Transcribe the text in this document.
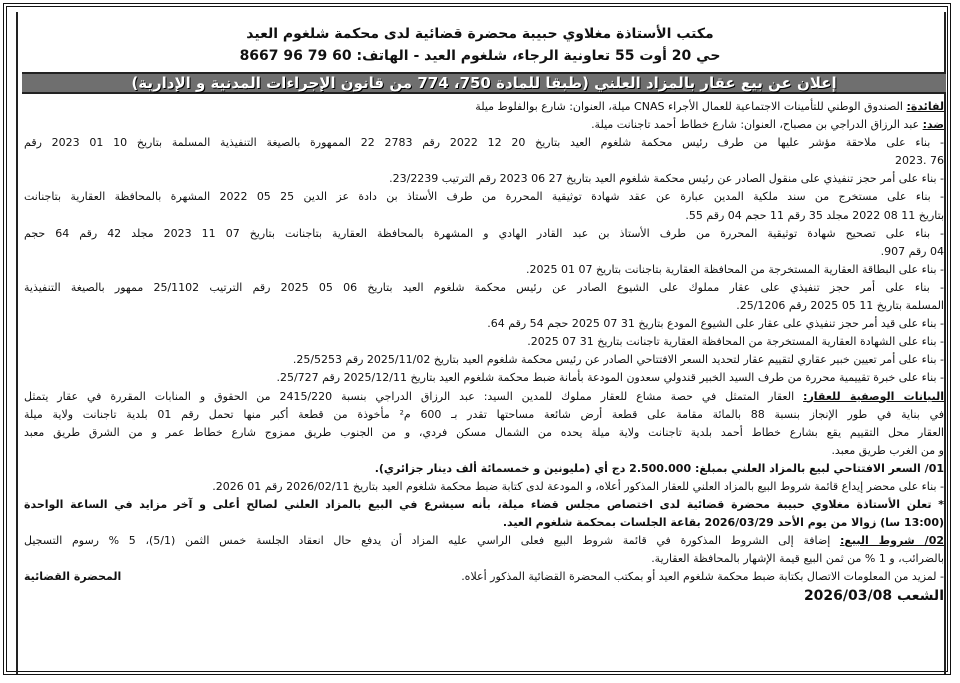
مكتب الأستاذة مغلاوي حبيبة محضرة قضائية لدى محكمة شلغوم العيد
حي 20 أوت 55 تعاونية الرجاء، شلغوم العيد - الهاتف: 60 79 96 8667
إعلان عن بيع عقار بالمزاد العلني (طبقا للمادة 750، 774 من قانون الإجراءات المدنية و الإدارية)
لفائدة: الصندوق الوطني للتأمينات الاجتماعية للعمال الأجراء CNAS ميلة، العنوان: شارع بوالفلوط ميلة
ضد: عبد الرزاق الدراجي بن مصباح، العنوان: شارع خطاط أحمد تاجنانت ميلة.
- بناء على ملاحقة مؤشر عليها من طرف رئيس محكمة شلغوم العيد بتاريخ 20 12 2022 رقم 2783 22 الممهورة بالصيغة التنفيذية المسلمة بتاريخ 10 01 2023 رقم
76 .2023
- بناء على أمر حجز تنفيذي على منقول الصادر عن رئيس محكمة شلغوم العيد بتاريخ 27 06 2023 رقم الترتيب 23/2239.
- بناء على مستخرج من سند ملكية المدين عبارة عن عقد شهادة توثيقية المحررة من طرف الأستاذ بن دادة عز الدين 25 05 2022 المشهرة بالمحافظة العقارية بتاجنانت
بتاريخ 11 08 2022 مجلد 35 رقم 11 حجم 04 رقم 55.
- بناء على تصحيح شهادة توثيقية المحررة من طرف الأستاذ بن عبد القادر الهادي و المشهرة بالمحافظة العقارية بتاجنانت بتاريخ 07 11 2023 مجلد 42 رقم 64 حجم
04 رقم 907.
- بناء على البطاقة العقارية المستخرجة من المحافظة العقارية بتاجنانت بتاريخ 07 01 2025.
- بناء على أمر حجز تنفيذي على عقار مملوك على الشيوع الصادر عن رئيس محكمة شلغوم العيد بتاريخ 06 05 2025 رقم الترتيب 25/1102 ممهور بالصيغة التنفيذية
المسلمة بتاريخ 11 05 2025 رقم 25/1206.
- بناء على قيد أمر حجز تنفيذي على عقار على الشيوع المودع بتاريخ 31 07 2025 حجم 54 رقم 64.
- بناء على الشهادة العقارية المستخرجة من المحافظة العقارية تاجنانت بتاريخ 31 07 2025.
- بناء على أمر تعيين خبير عقاري لتقييم عقار لتحديد السعر الافتتاحي الصادر عن رئيس محكمة شلغوم العيد بتاريخ 2025/11/02 رقم 25/5253.
- بناء على خبرة تقييمية محررة من طرف السيد الخبير قندولي سعدون المودعة بأمانة ضبط محكمة شلغوم العيد بتاريخ 2025/12/11 رقم 25/727.
البيانات الوصفية للعقار: العقار المتمثل في حصة مشاع للعقار مملوك للمدين السيد: عبد الرزاق الدراجي بنسبة 2415/220 من الحقوق و المنابات المقررة في عقار يتمثل
في بناية في طور الإنجاز بنسبة 88 بالمائة مقامة على قطعة أرض شائعة مساحتها تقدر بـ 600 م² مأخوذة من قطعة أكبر منها تحمل رقم 01 بلدية تاجنانت ولاية ميلة
العقار محل التقييم يقع بشارع خطاط أحمد بلدية تاجنانت ولاية ميلة يحده من الشمال مسكن فردي، و من الجنوب طريق ممزوج شارع خطاط عمر و من الشرق طريق معبد
و من الغرب طريق معبد.
01/ السعر الافتتاحي لبيع بالمزاد العلني بمبلغ: 2.500.000 دج أي (مليونين و خمسمائة ألف دينار جزائري).
- بناء على محضر إيداع قائمة شروط البيع بالمزاد العلني للعقار المذكور أعلاه، و المودعة لدى كتابة ضبط محكمة شلغوم العيد بتاريخ 2026/02/11 رقم 01 2026.
* تعلن الأستاذة مغلاوي حبيبة محضرة قضائية لدى اختصاص مجلس قضاء ميلة، بأنه سيشرع في البيع بالمزاد العلني لصالح أعلى و آخر مزايد في الساعة الواحدة
(13:00 سا) زوالا من يوم الأحد 2026/03/29 بقاعة الجلسات بمحكمة شلغوم العيد.
02/ شروط البيع: إضافة إلى الشروط المذكورة في قائمة شروط البيع فعلى الراسي عليه المزاد أن يدفع حال انعقاد الجلسة خمس الثمن (5/1)، 5 % رسوم التسجيل
بالضرائب، و 1 % من ثمن البيع قيمة الإشهار بالمحافظة العقارية.
- لمزيد من المعلومات الاتصال بكتابة ضبط محكمة شلغوم العيد أو بمكتب المحضرة القضائية المذكور أعلاه.
المحضرة القضائية
الشعب 2026/03/08
